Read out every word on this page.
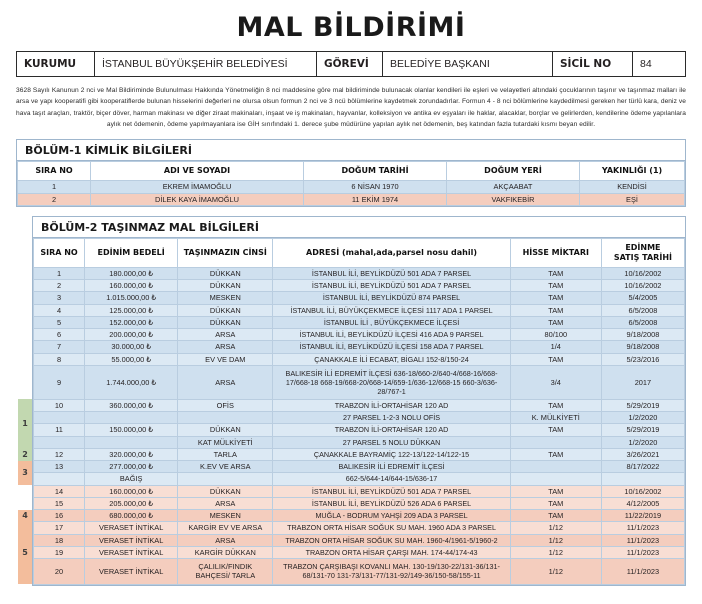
MAL BİLDİRİMİ
KURUMU	İSTANBUL BÜYÜKŞEHİR BELEDİYESİ	GÖREVİ	BELEDİYE BAŞKANI	SİCİL NO	84
3628 Sayılı Kanunun 2 nci ve Mal Bildiriminde Bulunulması Hakkında Yönetmeliğin 8 nci maddesine göre mal bildiriminde bulunacak olanlar kendileri ile eşleri ve velayetleri altındaki çocuklarının taşınır ve taşınmaz malları ile arsa ve yapı kooperatifi gibi kooperatiflerde bulunan hisselerini değerleri ne olursa olsun formun 2 nci ve 3 ncü bölümlerine kaydetmek zorundadırlar. Formun 4 - 8 nci bölümlerine kaydedilmesi gereken her türlü kara, deniz ve hava taşıt araçları, traktör, biçer döver, harman makinası ve diğer ziraat makinaları, inşaat ve iş makinaları, hayvanlar, kolleksiyon ve antika ev eşyaları ile haklar, alacaklar, borçlar ve gelirlerden, kendilerine ödeme yapılanlara aylık net ödemenin, ödeme yapılmayanlara ise GİH sınıfındaki 1. derece şube müdürüne yapılan aylık net ödemenin, beş katından fazla tutardaki kısmı beyan edilir.
BÖLÜM-1 KİMLİK BİLGİLERİ
SIRA NO	ADI VE SOYADI	DOĞUM TARİHİ	DOĞUM YERİ	YAKINLIĞI (1)
1	EKREM İMAMOĞLU	6 NİSAN 1970	AKÇAABAT	KENDİSİ
2	DİLEK KAYA İMAMOĞLU	11 EKİM 1974	VAKFIKEBİR	EŞİ
1
2
3
4
5
BÖLÜM-2 TAŞINMAZ MAL BİLGİLERİ
SIRA NO	EDİNİM BEDELİ	TAŞINMAZIN CİNSİ	ADRESİ (mahal,ada,parsel nosu dahil)	HİSSE MİKTARI	EDİNME
SATIŞ TARİHİ
1	180.000,00 ₺	DÜKKAN	İSTANBUL İLİ, BEYLİKDÜZÜ 501 ADA 7 PARSEL	TAM	10/16/2002
2	160.000,00 ₺	DÜKKAN	İSTANBUL İLİ, BEYLİKDÜZÜ 501 ADA 7 PARSEL	TAM	10/16/2002
3	1.015.000,00 ₺	MESKEN	İSTANBUL İLİ, BEYLİKDÜZÜ 874 PARSEL	TAM	5/4/2005
4	125.000,00 ₺	DÜKKAN	İSTANBUL İLİ, BÜYÜKÇEKMECE İLÇESİ 1117 ADA 1 PARSEL	TAM	6/5/2008
5	152.000,00 ₺	DÜKKAN	İSTANBUL İLİ , BÜYÜKÇEKMECE İLÇESİ	TAM	6/5/2008
6	200.000,00 ₺	ARSA	İSTANBUL İLİ, BEYLİKDÜZÜ İLÇESİ 416 ADA 9 PARSEL	80/100	9/18/2008
7	30.000,00 ₺	ARSA	İSTANBUL İLİ, BEYLİKDÜZÜ İLÇESİ 158 ADA 7 PARSEL	1/4	9/18/2008
8	55.000,00 ₺	EV VE DAM	ÇANAKKALE İLİ ECABAT, BİGALI 152-8/150-24	TAM	5/23/2016
9	1.744.000,00 ₺	ARSA	BALIKESİR İLİ EDREMİT İLÇESİ 636-18/660-2/640-4/668-16/668-17/668-18 668-19/668-20/668-14/659-1/636-12/668-15 660-3/636-28/767-1	3/4	2017
10	360.000,00 ₺	OFİS	TRABZON İLİ-ORTAHİSAR 120 AD	TAM	5/29/2019
			27 PARSEL 1-2-3 NOLU OFİS	K. MÜLKİYETİ	1/2/2020
11	150.000,00 ₺	DÜKKAN	TRABZON İLİ-ORTAHİSAR 120 AD	TAM	5/29/2019
		KAT MÜLKİYETİ	27 PARSEL 5 NOLU DÜKKAN		1/2/2020
12	320.000,00 ₺	TARLA	ÇANAKKALE BAYRAMİÇ 122-13/122-14/122-15	TAM	3/26/2021
13	277.000,00 ₺	K.EV VE ARSA	BALIKESİR İLİ EDREMİT İLÇESİ		8/17/2022
	BAĞIŞ		662-5/644-14/644-15/636-17		
14	160.000,00 ₺	DÜKKAN	İSTANBUL İLİ, BEYLİKDÜZÜ 501 ADA 7 PARSEL	TAM	10/16/2002
15	205.000,00 ₺	ARSA	İSTANBUL İLİ, BEYLİKDÜZÜ 526 ADA 6 PARSEL	TAM	4/12/2005
16	680.000,00 ₺	MESKEN	MUĞLA - BODRUM YAHŞİ 209 ADA 3 PARSEL	TAM	11/22/2019
17	VERASET İNTİKAL	KARGİR EV VE ARSA	TRABZON ORTA HİSAR SOĞUK SU MAH. 1960 ADA 3 PARSEL	1/12	11/1/2023
18	VERASET İNTİKAL	ARSA	TRABZON ORTA HİSAR SOĞUK SU MAH. 1960-4/1961-5/1960-2	1/12	11/1/2023
19	VERASET İNTİKAL	KARGİR DÜKKAN	TRABZON ORTA HİSAR ÇARŞI MAH. 174-44/174-43	1/12	11/1/2023
20	VERASET İNTİKAL	ÇALILIK/FINDIK BAHÇESİ/ TARLA	TRABZON ÇARŞIBAŞI KOVANLI MAH. 130-19/130-22/131-36/131-68/131-70 131-73/131-77/131-92/149-36/150-58/155-11	1/12	11/1/2023
